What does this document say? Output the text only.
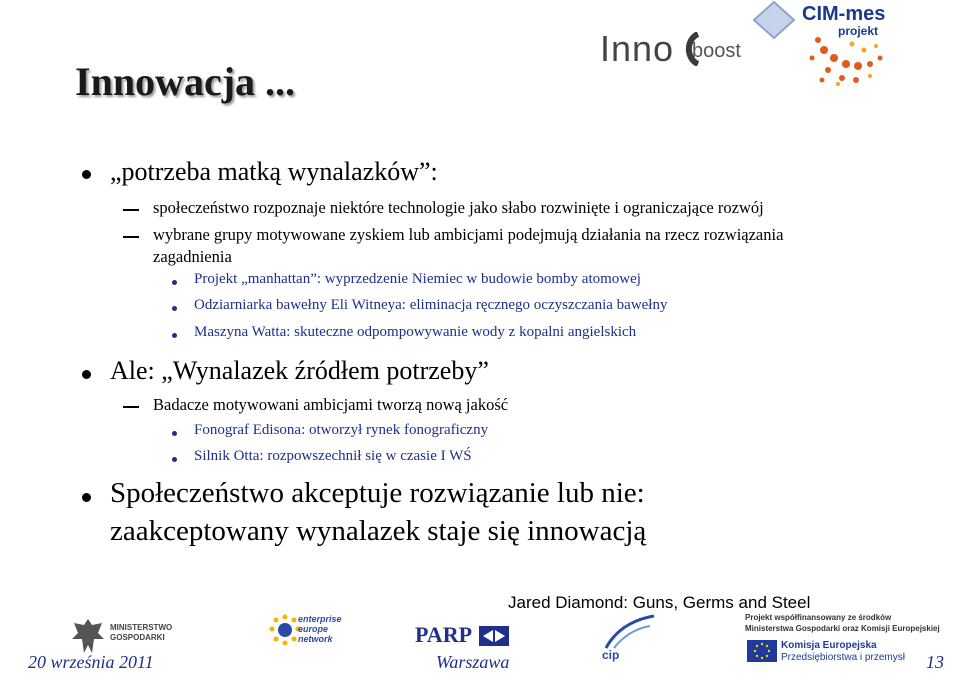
Inno boost
CIM-mes
projekt
Innowacja ...
„potrzeba matką wynalazków”:
społeczeństwo rozpoznaje niektóre technologie jako słabo rozwinięte i ograniczające rozwój
wybrane grupy motywowane zyskiem lub ambicjami podejmują działania na rzecz rozwiązania
zagadnienia
Projekt „manhattan”: wyprzedzenie Niemiec w budowie bomby atomowej
Odziarniarka bawełny Eli Witneya: eliminacja ręcznego oczyszczania bawełny
Maszyna Watta: skuteczne odpompowywanie wody z kopalni angielskich
Ale: „Wynalazek źródłem potrzeby”
Badacze motywowani ambicjami tworzą nową jakość
Fonograf Edisona: otworzył rynek fonograficzny
Silnik Otta: rozpowszechnił się w czasie I WŚ
Społeczeństwo akceptuje rozwiązanie lub nie:
zaakceptowany wynalazek staje się innowacją
Jared Diamond: Guns, Germs and Steel
MINISTERSTWO
GOSPODARKI
enterprise
europe
network	PARP
cip
Projekt współfinansowany ze środków
Ministerstwa Gospodarki oraz Komisji Europejskiej
Komisja Europejska
Przedsiębiorstwa i przemysł
20 września 2011	Warszawa	13
